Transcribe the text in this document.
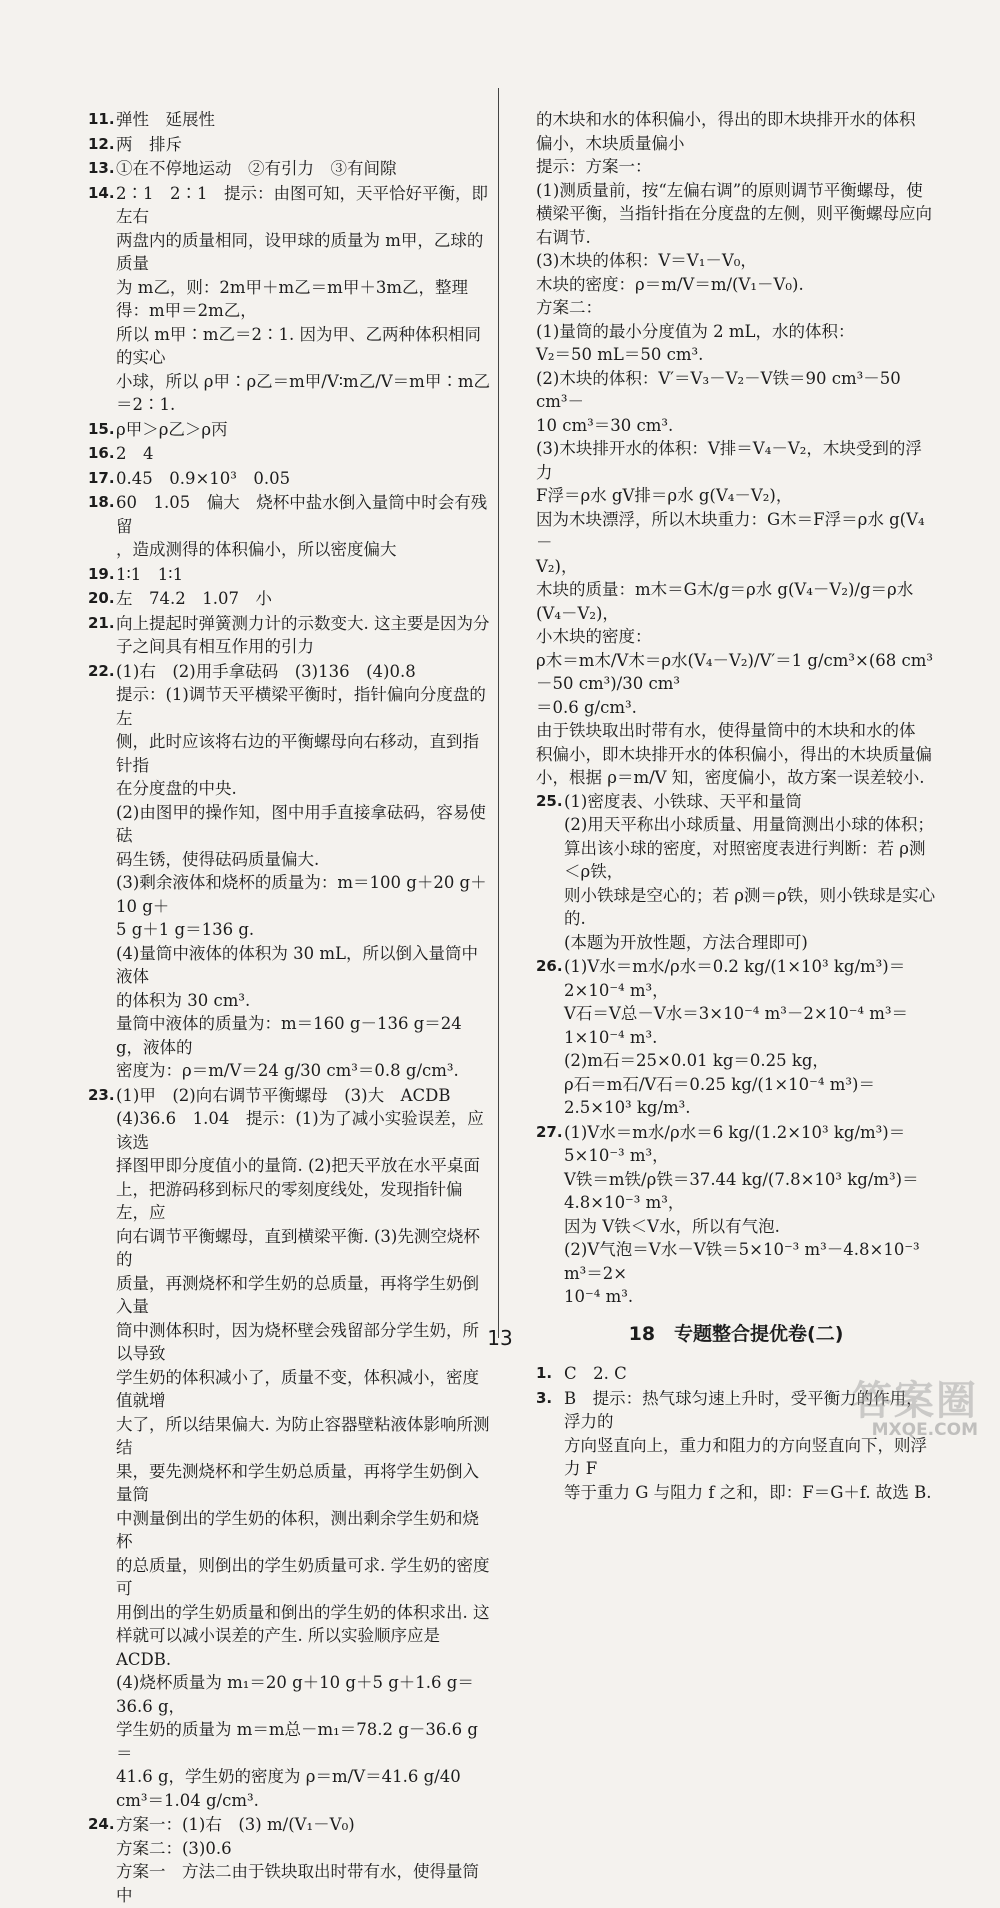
11. 弹性　延展性

12. 两　排斥

13. ①在不停地运动　②有引力　③有间隙

14. 2∶1　2∶1　提示：由图可知，天平恰好平衡，即左右

两盘内的质量相同，设甲球的质量为 m甲，乙球的质量

为 m乙，则：2m甲＋m乙＝m甲＋3m乙，整理得：m甲＝2m乙，

所以 m甲∶m乙＝2∶1. 因为甲、乙两种体积相同的实心

小球，所以 ρ甲∶ρ乙＝m甲/V∶m乙/V＝m甲∶m乙＝2∶1.

15. ρ甲＞ρ乙＞ρ丙

16. 2　4

17. 0.45　0.9×10³　0.05

18. 60　1.05　偏大　烧杯中盐水倒入量筒中时会有残留

，造成测得的体积偏小，所以密度偏大

19. 1∶1　1∶1

20. 左　74.2　1.07　小

21. 向上提起时弹簧测力计的示数变大. 这主要是因为分

子之间具有相互作用的引力

22. (1)右　(2)用手拿砝码　(3)136　(4)0.8

提示：(1)调节天平横梁平衡时，指针偏向分度盘的左

侧，此时应该将右边的平衡螺母向右移动，直到指针指

在分度盘的中央.

(2)由图甲的操作知，图中用手直接拿砝码，容易使砝

码生锈，使得砝码质量偏大.

(3)剩余液体和烧杯的质量为：m＝100 g＋20 g＋10 g＋

5 g＋1 g＝136 g.

(4)量筒中液体的体积为 30 mL，所以倒入量筒中液体

的体积为 30 cm³.

量筒中液体的质量为：m＝160 g－136 g＝24 g，液体的

密度为：ρ＝m/V＝24 g/30 cm³＝0.8 g/cm³.

23. (1)甲　(2)向右调节平衡螺母　(3)大　ACDB

(4)36.6　1.04　提示：(1)为了减小实验误差，应该选

择图甲即分度值小的量筒. (2)把天平放在水平桌面

上，把游码移到标尺的零刻度线处，发现指针偏左，应

向右调节平衡螺母，直到横梁平衡. (3)先测空烧杯的

质量，再测烧杯和学生奶的总质量，再将学生奶倒入量

筒中测体积时，因为烧杯壁会残留部分学生奶，所以导致

学生奶的体积减小了，质量不变，体积减小，密度值就增

大了，所以结果偏大. 为防止容器壁粘液体影响所测结

果，要先测烧杯和学生奶总质量，再将学生奶倒入量筒

中测量倒出的学生奶的体积，测出剩余学生奶和烧杯

的总质量，则倒出的学生奶质量可求. 学生奶的密度可

用倒出的学生奶质量和倒出的学生奶的体积求出. 这

样就可以减小误差的产生. 所以实验顺序应是 ACDB.

(4)烧杯质量为 m₁＝20 g＋10 g＋5 g＋1.6 g＝36.6 g，

学生奶的质量为 m＝m总－m₁＝78.2 g－36.6 g＝

41.6 g，学生奶的密度为 ρ＝m/V＝41.6 g/40 cm³＝1.04 g/cm³.

24. 方案一：(1)右　(3) m/(V₁－V₀)

方案二：(3)0.6

方案一　方法二由于铁块取出时带有水，使得量筒中

的木块和水的体积偏小，得出的即木块排开水的体积

偏小，木块质量偏小

提示：方案一：

(1)测质量前，按“左偏右调”的原则调节平衡螺母，使

横梁平衡，当指针指在分度盘的左侧，则平衡螺母应向

右调节.

(3)木块的体积：V＝V₁－V₀，

木块的密度：ρ＝m/V＝m/(V₁－V₀).

方案二：

(1)量筒的最小分度值为 2 mL，水的体积：

V₂＝50 mL＝50 cm³.

(2)木块的体积：V′＝V₃－V₂－V铁＝90 cm³－50 cm³－

10 cm³＝30 cm³.

(3)木块排开水的体积：V排＝V₄－V₂，木块受到的浮力

F浮＝ρ水 gV排＝ρ水 g(V₄－V₂)，

因为木块漂浮，所以木块重力：G木＝F浮＝ρ水 g(V₄－

V₂)，

木块的质量：m木＝G木/g＝ρ水 g(V₄－V₂)/g＝ρ水(V₄－V₂)，

小木块的密度：

ρ木＝m木/V木＝ρ水(V₄－V₂)/V′＝1 g/cm³×(68 cm³－50 cm³)/30 cm³

＝0.6 g/cm³.

由于铁块取出时带有水，使得量筒中的木块和水的体

积偏小，即木块排开水的体积偏小，得出的木块质量偏

小，根据 ρ＝m/V 知，密度偏小，故方案一误差较小.

25. (1)密度表、小铁球、天平和量筒

(2)用天平称出小球质量、用量筒测出小球的体积；

算出该小球的密度，对照密度表进行判断：若 ρ测＜ρ铁，

则小铁球是空心的；若 ρ测＝ρ铁，则小铁球是实心的.

(本题为开放性题，方法合理即可)

26. (1)V水＝m水/ρ水＝0.2 kg/(1×10³ kg/m³)＝2×10⁻⁴ m³，

V石＝V总－V水＝3×10⁻⁴ m³－2×10⁻⁴ m³＝1×10⁻⁴ m³.

(2)m石＝25×0.01 kg＝0.25 kg，

ρ石＝m石/V石＝0.25 kg/(1×10⁻⁴ m³)＝2.5×10³ kg/m³.

27. (1)V水＝m水/ρ水＝6 kg/(1.2×10³ kg/m³)＝5×10⁻³ m³，

V铁＝m铁/ρ铁＝37.44 kg/(7.8×10³ kg/m³)＝4.8×10⁻³ m³，

因为 V铁＜V水，所以有气泡.

(2)V气泡＝V水－V铁＝5×10⁻³ m³－4.8×10⁻³ m³＝2×

10⁻⁴ m³.

18　专题整合提优卷(二)
1. C　2. C

3. B　提示：热气球匀速上升时，受平衡力的作用，浮力的

方向竖直向上，重力和阻力的方向竖直向下，则浮力 F

等于重力 G 与阻力 f 之和，即：F＝G＋f. 故选 B.

13
答案圈
MXQE.COM
